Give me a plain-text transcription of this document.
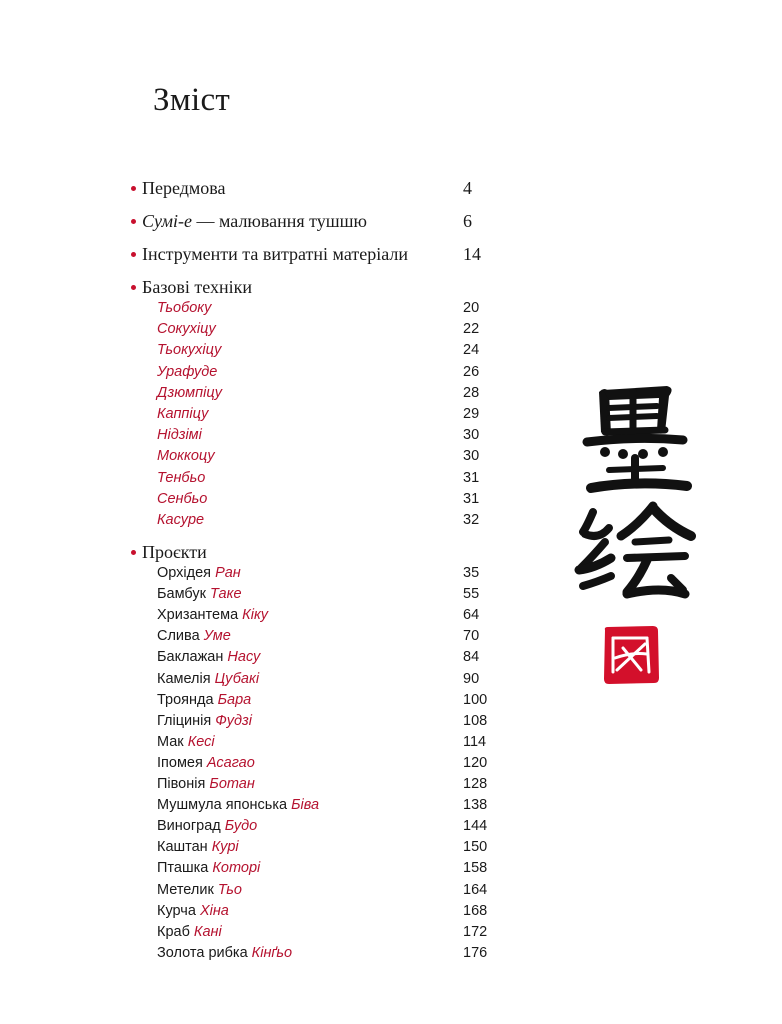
Зміст
Передмова	4
Сумі-е — малювання тушшю	6
Інструменти та витратні матеріали	14
Базові техніки
Тьобоку	20
Сокухіцу	22
Тьокухіцу	24
Урафуде	26
Дзюмпіцу	28
Каппіцу	29
Нідзімі	30
Моккоцу	30
Тенбьо	31
Сенбьо	31
Касуре	32
Проєкти
Орхідея Ран	35
Бамбук Таке	55
Хризантема Кіку	64
Слива Уме	70
Баклажан Насу	84
Камелія Цубакі	90
Троянда Бара	100
Гліцинія Фудзі	108
Мак Кесі	114
Іпомея Асагао	120
Півонія Ботан	128
Мушмула японська Біва	138
Виноград Будо	144
Каштан Курі	150
Пташка Которі	158
Метелик Тьо	164
Курча Хіна	168
Краб Кані	172
Золота рибка Кінґьо	176
